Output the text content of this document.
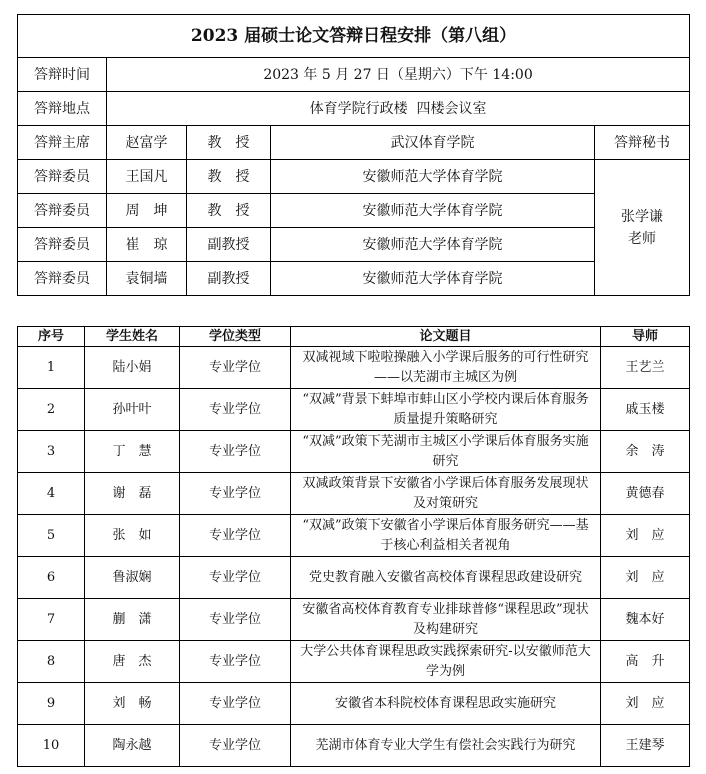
2023 届硕士论文答辩日程安排（第八组）				
答辩时间	2023 年 5 月 27 日（星期六）下午 14:00			
答辩地点	体育学院行政楼  四楼会议室			
答辩主席	赵富学	教　授	武汉体育学院	答辩秘书
答辩委员	王国凡	教　授	安徽师范大学体育学院	张学谦
老师

答辩委员	周　坤	教　授	安徽师范大学体育学院	
答辩委员	崔　琼	副教授	安徽师范大学体育学院	
答辩委员	袁铜墙	副教授	安徽师范大学体育学院	
序号	学生姓名	学位类型	论文题目	导师
1	陆小娟	专业学位	双减视域下啦啦操融入小学课后服务的可行性研究——以芜湖市主城区为例	王艺兰
2	孙叶叶	专业学位	“双减”背景下蚌埠市蚌山区小学校内课后体育服务质量提升策略研究	戚玉楼
3	丁　慧	专业学位	“双减”政策下芜湖市主城区小学课后体育服务实施研究	余　涛
4	谢　磊	专业学位	双减政策背景下安徽省小学课后体育服务发展现状及对策研究	黄德春
5	张　如	专业学位	“双减”政策下安徽省小学课后体育服务研究——基于核心利益相关者视角	刘　应
6	鲁淑娴	专业学位	党史教育融入安徽省高校体育课程思政建设研究	刘　应
7	蒯　潇	专业学位	安徽省高校体育教育专业排球普修“课程思政”现状及构建研究	魏本好
8	唐　杰	专业学位	大学公共体育课程思政实践探索研究-以安徽师范大学为例	高　升
9	刘　畅	专业学位	安徽省本科院校体育课程思政实施研究	刘　应
10	陶永越	专业学位	芜湖市体育专业大学生有偿社会实践行为研究	王建琴
